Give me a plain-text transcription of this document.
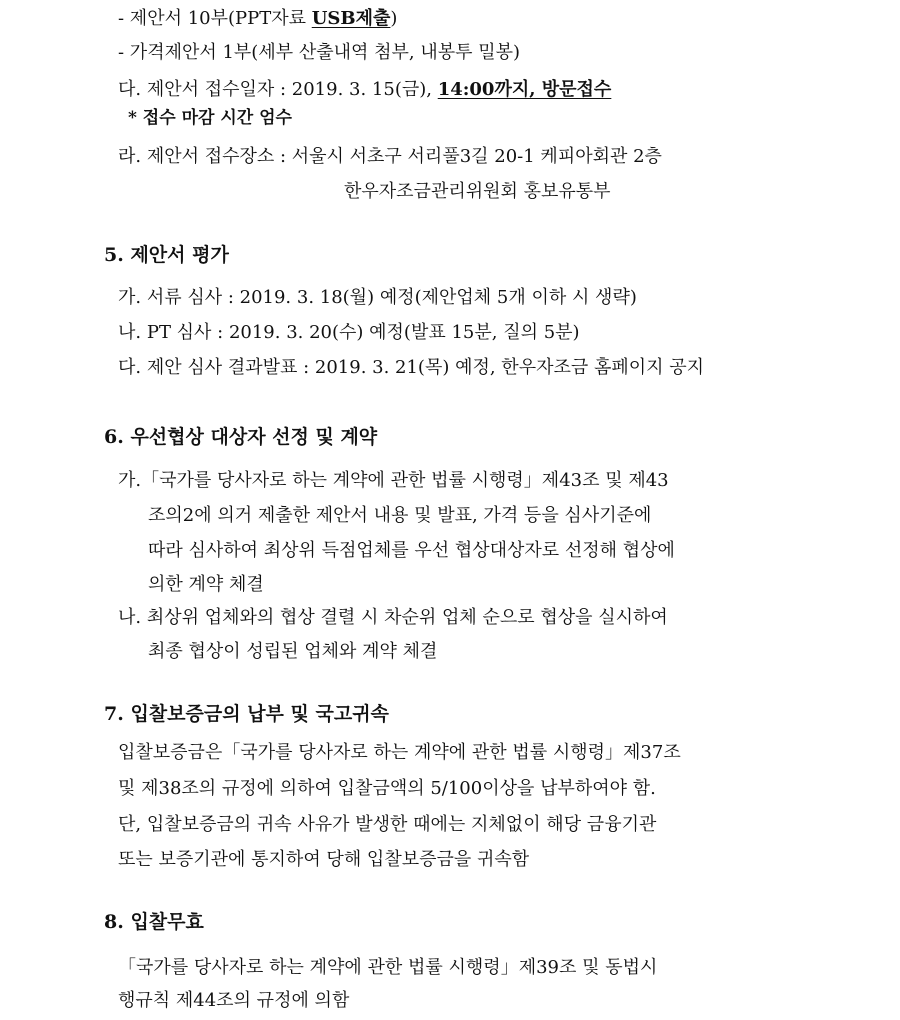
- 제안서 10부(PPT자료 USB제출)
- 가격제안서 1부(세부 산출내역 첨부, 내봉투 밀봉)
다. 제안서 접수일자 : 2019. 3. 15(금), 14:00까지, 방문접수
* 접수 마감 시간 엄수
라. 제안서 접수장소 : 서울시 서초구 서리풀3길 20-1 케피아회관 2층
한우자조금관리위원회 홍보유통부
5. 제안서 평가
가. 서류 심사 : 2019. 3. 18(월) 예정(제안업체 5개 이하 시 생략)
나. PT 심사 : 2019. 3. 20(수) 예정(발표 15분, 질의 5분)
다. 제안 심사 결과발표 : 2019. 3. 21(목) 예정, 한우자조금 홈페이지 공지
6. 우선협상 대상자 선정 및 계약
가.「국가를 당사자로 하는 계약에 관한 법률 시행령」제43조 및 제43
조의2에 의거 제출한 제안서 내용 및 발표, 가격 등을 심사기준에
따라 심사하여 최상위 득점업체를 우선 협상대상자로 선정해 협상에
의한 계약 체결
나. 최상위 업체와의 협상 결렬 시 차순위 업체 순으로 협상을 실시하여
최종 협상이 성립된 업체와 계약 체결
7. 입찰보증금의 납부 및 국고귀속
입찰보증금은「국가를 당사자로 하는 계약에 관한 법률 시행령」제37조
및 제38조의 규정에 의하여 입찰금액의 5/100이상을 납부하여야 함.
단, 입찰보증금의 귀속 사유가 발생한 때에는 지체없이 해당 금융기관
또는 보증기관에 통지하여 당해 입찰보증금을 귀속함
8. 입찰무효
「국가를 당사자로 하는 계약에 관한 법률 시행령」제39조 및 동법시
행규칙 제44조의 규정에 의함
